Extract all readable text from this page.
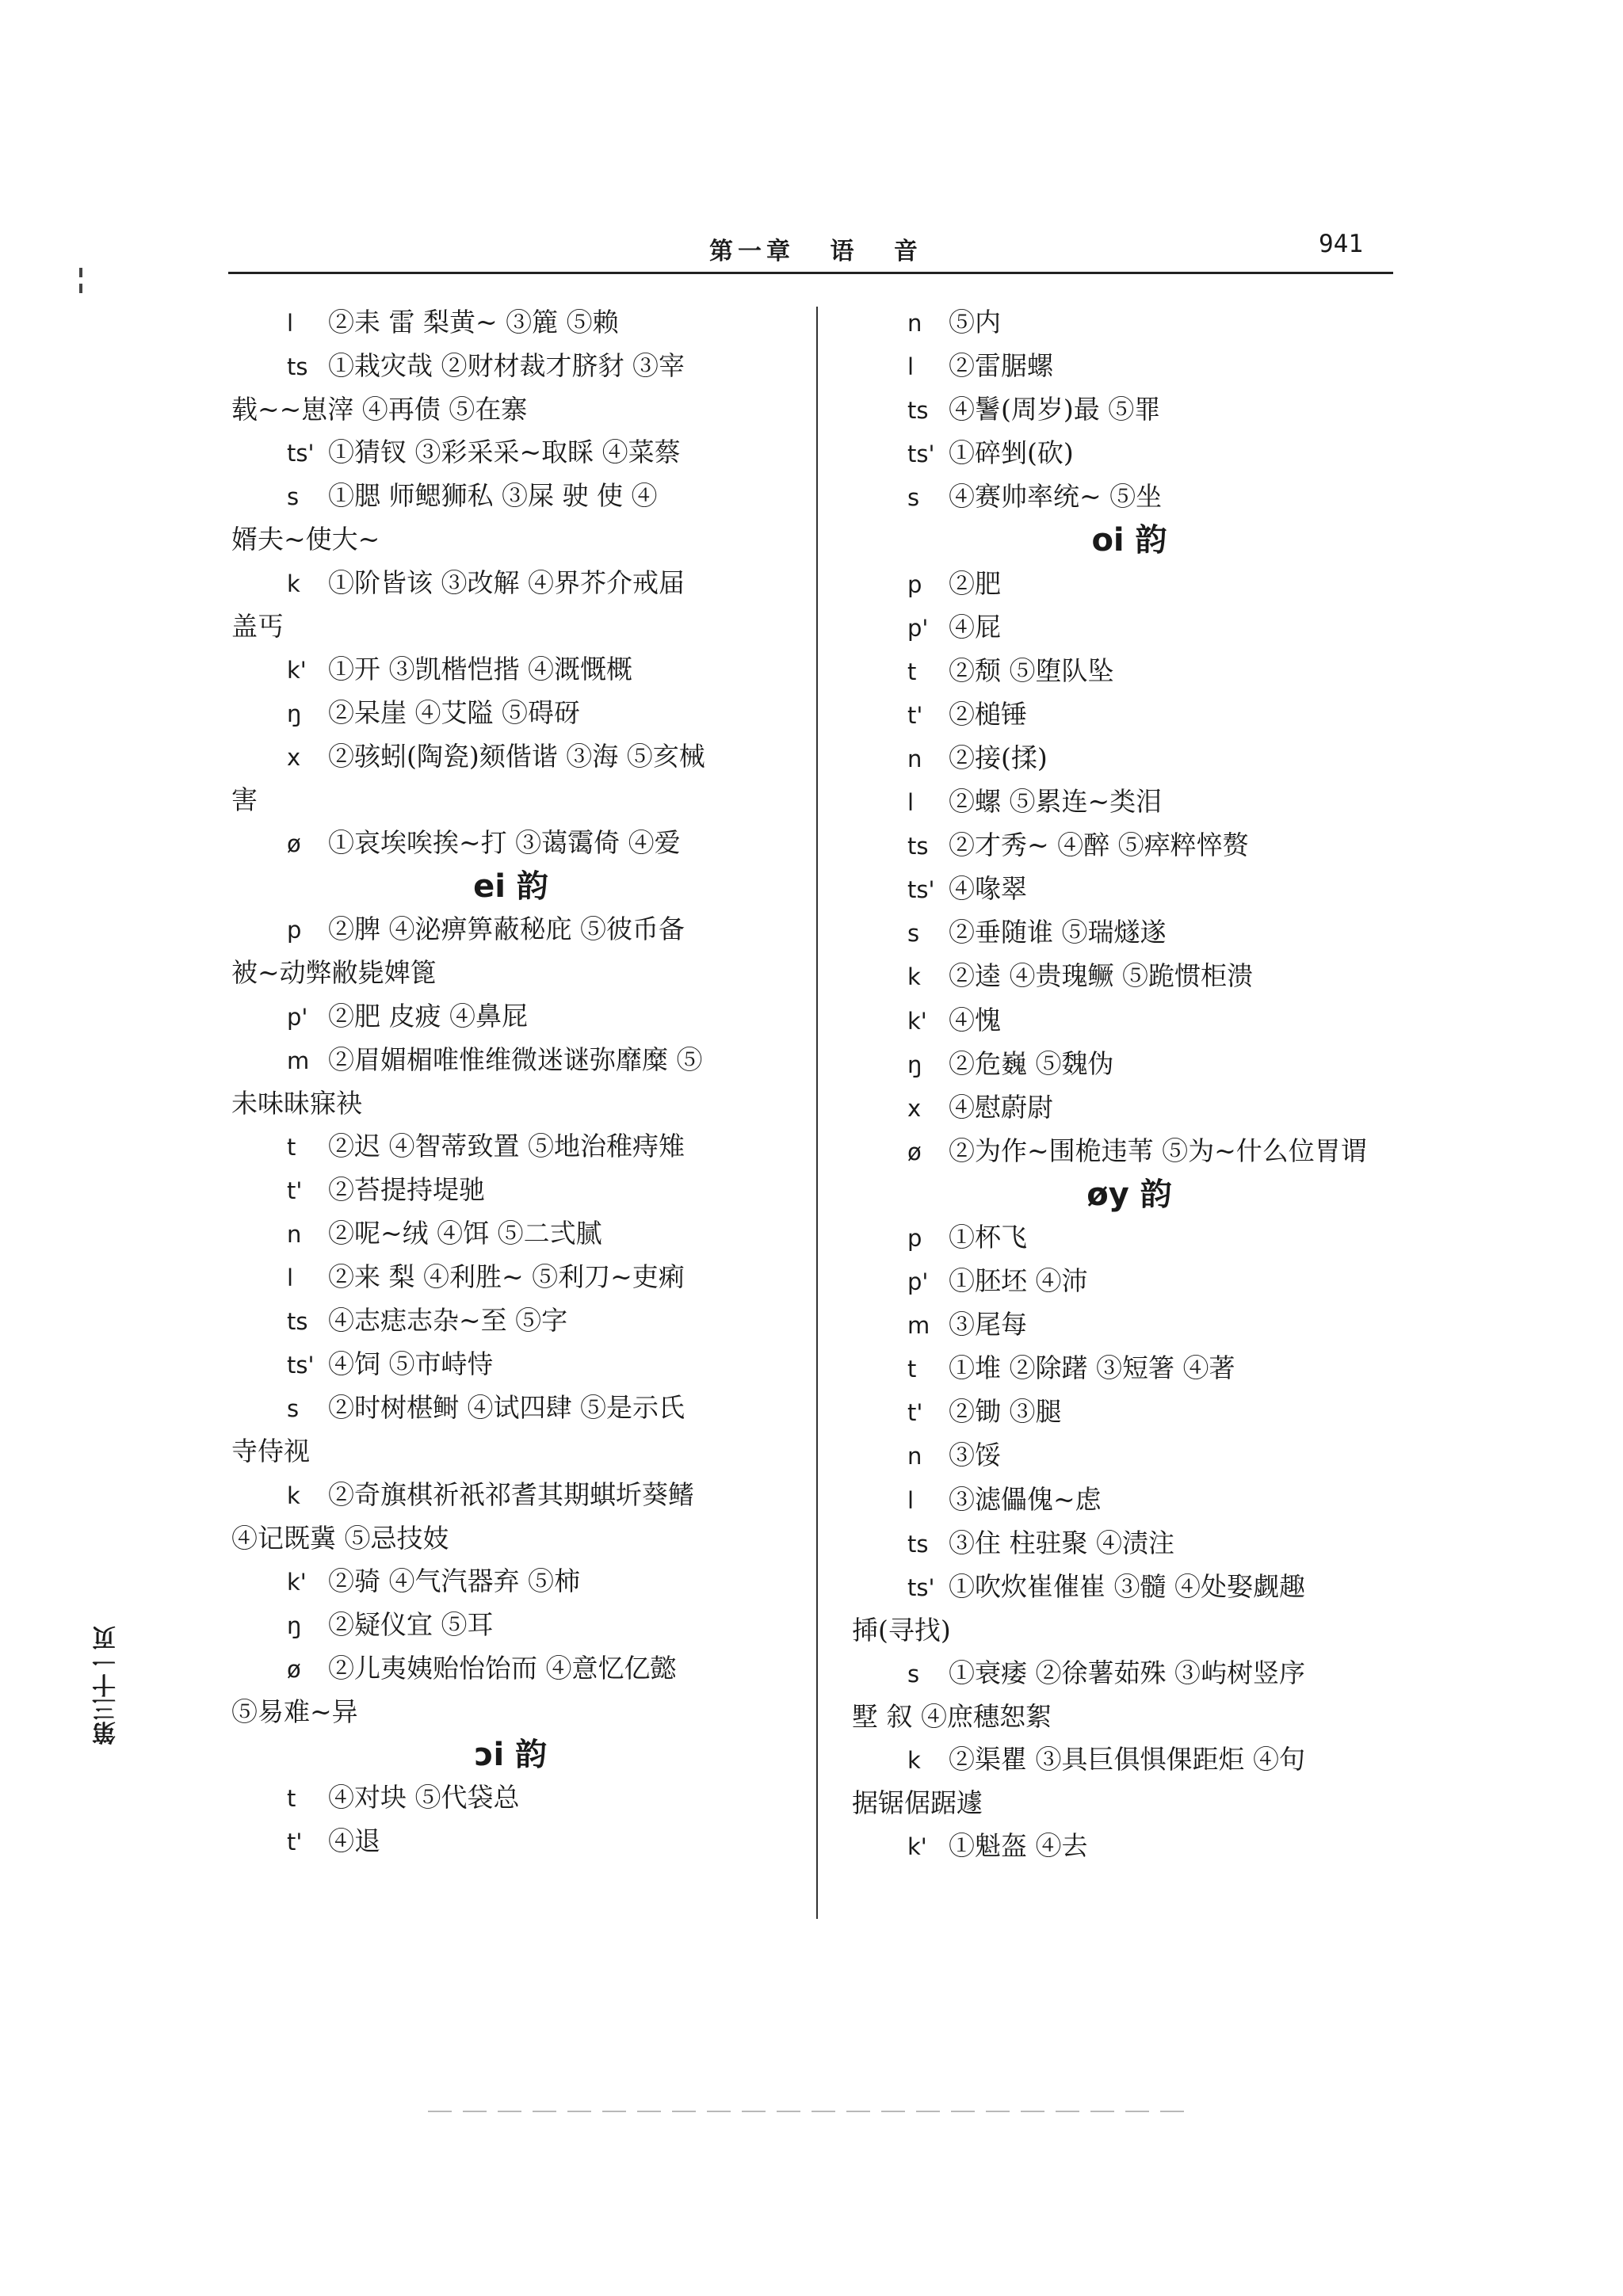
第一章 语 音	941
l ②耒 雷 梨黄~ ③簏 ⑤赖
ts ①栽灾哉 ②财材裁才脐豺 ③宰
载~~崽滓 ④再债 ⑤在寨
ts' ①猜钗 ③彩采采~取睬 ④菜蔡
s ①腮 师鳃狮私 ③屎 驶 使 ④
婿夫~使大~
k ①阶皆该 ③改解 ④界芥介戒届
盖丐
k' ①开 ③凯楷恺揩 ④溉慨概
ŋ ②呆崖 ④艾隘 ⑤碍砑
x ②骇蚓(陶瓷)颏偕谐 ③海 ⑤亥械
害
ø ①哀埃唉挨~打 ③蔼霭倚 ④爱
ei 韵
p ②脾 ④泌痹箅蔽秘庇 ⑤彼币备
被~动弊敝毙婢篦
p' ②肥 皮疲 ④鼻屁
m ②眉媚楣唯惟维微迷谜弥靡糜 ⑤
未味昧寐袂
t ②迟 ④智蒂致置 ⑤地治稚痔雉
t' ②苔提持堤驰
n ②呢~绒 ④饵 ⑤二弍腻
l ②来 梨 ④利胜~ ⑤利刀~吏痢
ts ④志痣志杂~至 ⑤字
ts' ④饲 ⑤市峙恃
s ②时树椹鲥 ④试四肆 ⑤是示氏
寺侍视
k ②奇旗棋祈祇祁耆其期蜞圻葵鳍
④记既冀 ⑤忌技妓
k' ②骑 ④气汽器弃 ⑤柿
ŋ ②疑仪宜 ⑤耳
ø ②儿夷姨贻怡饴而 ④意忆亿懿
⑤易难~异
ɔi 韵
t ④对块 ⑤代袋总
t' ④退
n ⑤内
l ②雷腒螺
ts ④鬐(周岁)最 ⑤罪
ts' ①碎剉(砍)
s ④赛帅率统~ ⑤坐
oi 韵
p ②肥
p' ④屁
t ②颓 ⑤堕队坠
t' ②槌锤
n ②接(揉)
l ②螺 ⑤累连~类泪
ts ②才秀~ ④醉 ⑤瘁粹悴赘
ts' ④喙翠
s ②垂随谁 ⑤瑞燧遂
k ②逵 ④贵瑰鳜 ⑤跪惯柜溃
k' ④愧
ŋ ②危巍 ⑤魏伪
x ④慰蔚尉
ø ②为作~围桅违苇 ⑤为~什么位胃谓
øy 韵
p ①杯飞
p' ①胚坯 ④沛
m ③尾每
t ①堆 ②除躇 ③短箸 ④著
t' ②锄 ③腿
n ③馁
l ③滤儡傀~虑
ts ③住 柱驻聚 ④渍注
ts' ①吹炊崔催崔 ③髓 ④处娶觑趣
揷(寻找)
s ①衰痿 ②徐薯茹殊 ③屿树竖序
墅 叙 ④庶穗恕絮
k ②渠瞿 ③具巨俱惧倮距炬 ④句
据锯倨踞遽
k' ①魁盔 ④去
第三十一页
